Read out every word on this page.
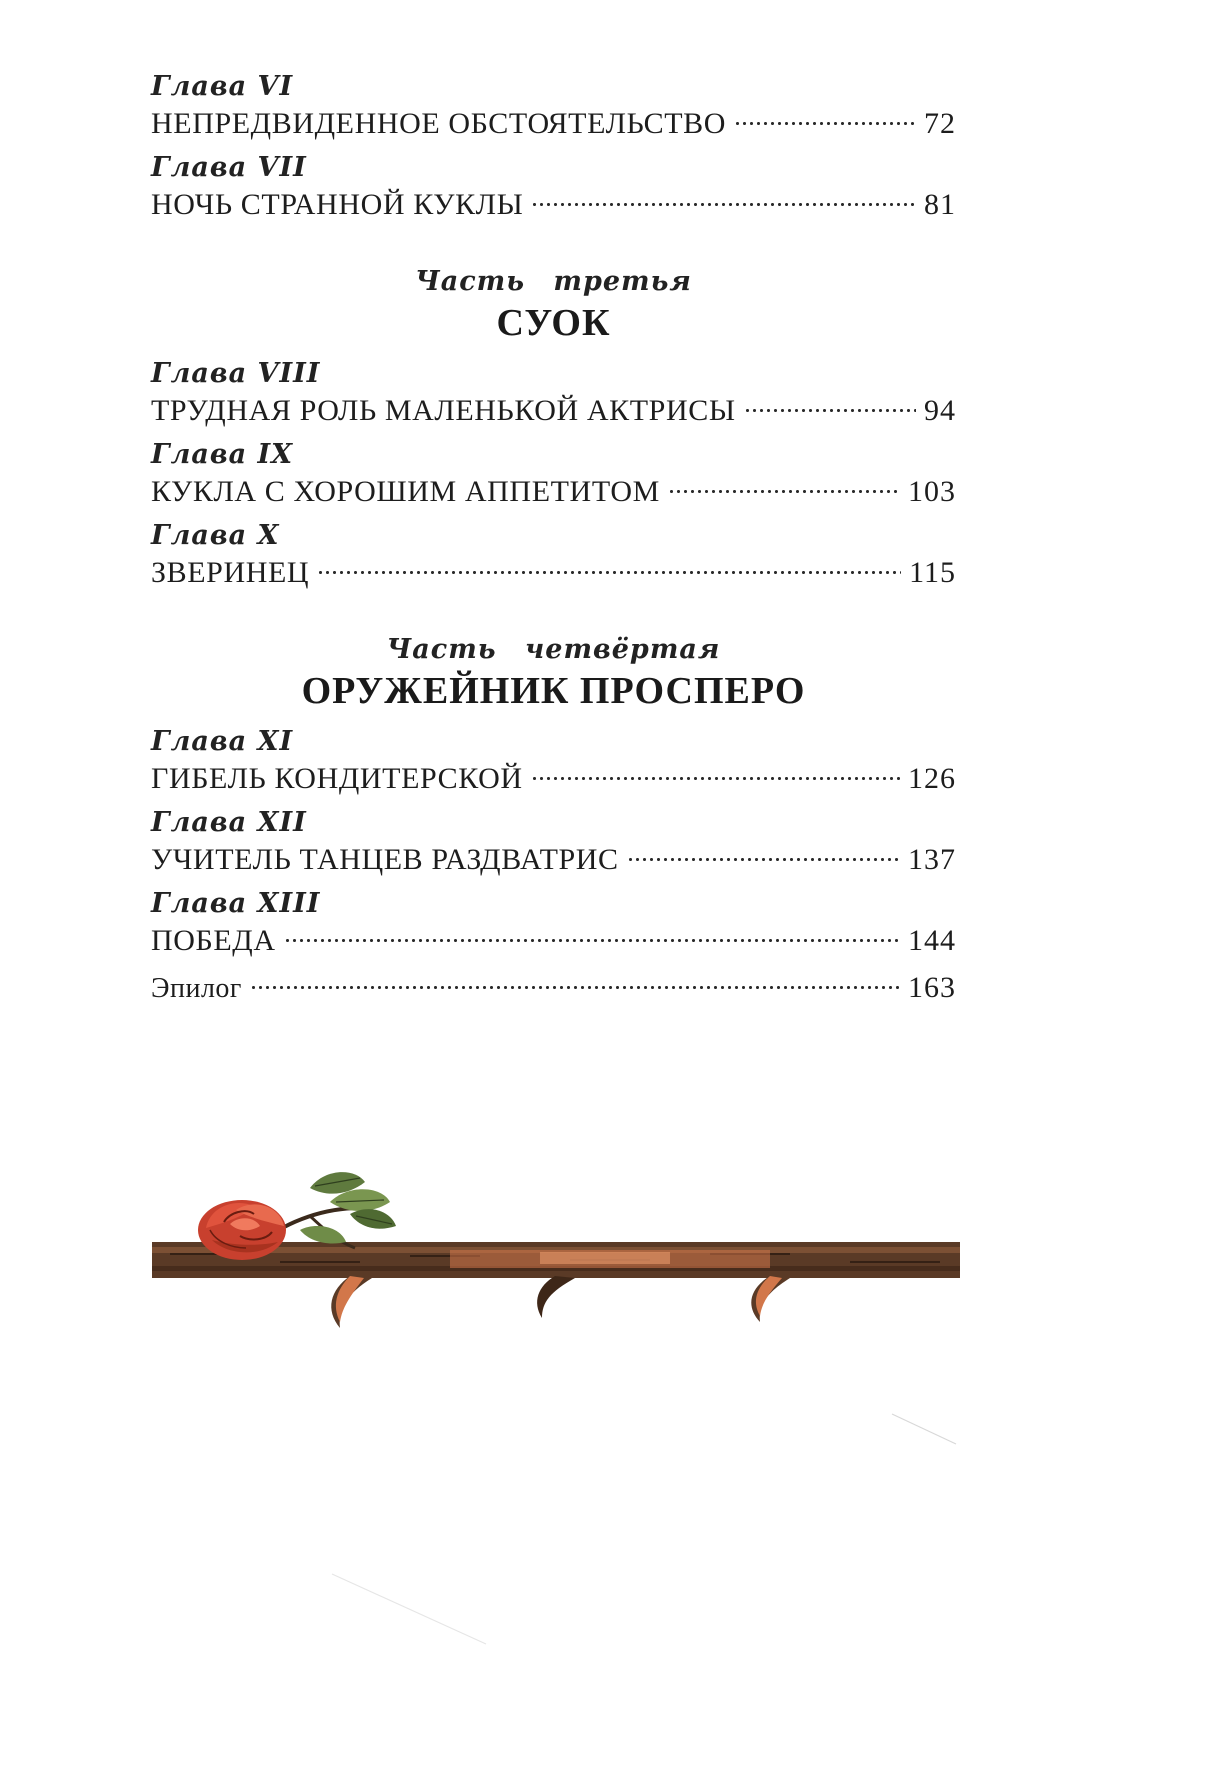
Глава VI
НЕПРЕДВИДЕННОЕ ОБСТОЯТЕЛЬСТВО	72
Глава VII
НОЧЬ СТРАННОЙ КУКЛЫ	81
Часть третья
СУОК
Глава VIII
ТРУДНАЯ РОЛЬ МАЛЕНЬКОЙ АКТРИСЫ	94
Глава IX
КУКЛА С ХОРОШИМ АППЕТИТОМ	103
Глава X
ЗВЕРИНЕЦ	115
Часть четвёртая
ОРУЖЕЙНИК ПРОСПЕРО
Глава XI
ГИБЕЛЬ КОНДИТЕРСКОЙ	126
Глава XII
УЧИТЕЛЬ ТАНЦЕВ РАЗДВАТРИС	137
Глава XIII
ПОБЕДА	144
Эпилог	163
